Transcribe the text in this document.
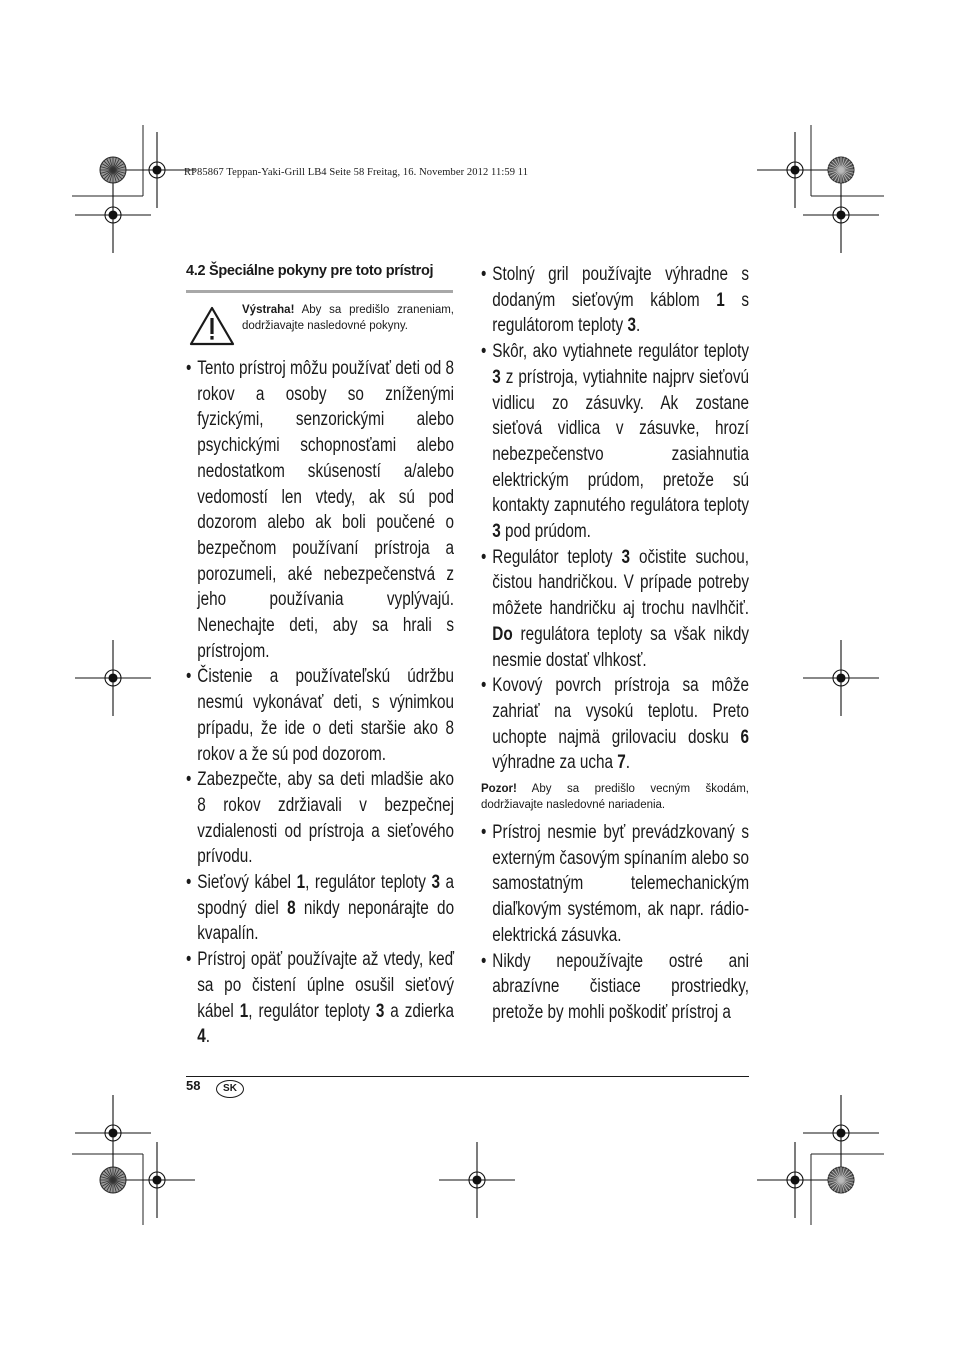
RP85867 Teppan-Yaki-Grill LB4 Seite 58 Freitag, 16. November 2012 11:59 11
4.2 Špeciálne pokyny pre toto prístroj
Výstraha! Aby sa predišlo zraneniam, dodržiavajte nasledovné pokyny.

• Tento prístroj môžu používať deti od 8 rokov a osoby so zníženými fyzickými, senzorickými alebo psychickými schopnosťami alebo nedostatkom skúseností a/alebo vedomostí len vtedy, ak sú pod dozorom alebo ak boli poučené o bezpečnom používaní prístroja a porozumeli, aké nebezpečenstvá z jeho používania vyplývajú. Nenechajte deti, aby sa hrali s prístrojom.

• Čistenie a používateľskú údržbu nesmú vykonávať deti, s výnimkou prípadu, že ide o deti staršie ako 8 rokov a že sú pod dozorom.

• Zabezpečte, aby sa deti mladšie ako 8 rokov zdržiavali v bezpečnej vzdialenosti od prístroja a sieťového prívodu.

• Sieťový kábel 1, regulátor teploty 3 a spodný diel 8 nikdy neponárajte do kvapalín.

• Prístroj opäť používajte až vtedy, keď sa po čistení úplne osušil sieťový kábel 1, regulátor teploty 3 a zdierka 4.

• Stolný gril používajte výhradne s dodaným sieťovým káblom 1 s regulátorom teploty 3.

• Skôr, ako vytiahnete regulátor teploty 3 z prístroja, vytiahnite najprv sieťovú vidlicu zo zásuvky. Ak zostane sieťová vidlica v zásuvke, hrozí nebezpečenstvo zasiahnutia elektrickým prúdom, pretože sú kontakty zapnutého regulátora teploty 3 pod prúdom.

• Regulátor teploty 3 očistite suchou, čistou handričkou. V prípade potreby môžete handričku aj trochu navlhčiť. Do regulátora teploty sa však nikdy nesmie dostať vlhkosť.

• Kovový povrch prístroja sa môže zahriať na vysokú teplotu. Preto uchopte najmä grilovaciu dosku 6 výhradne za ucha 7.

Pozor! Aby sa predišlo vecným škodám, dodržiavajte nasledovné nariadenia.

• Prístroj nesmie byť prevádzkovaný s externým časovým spínaním alebo so samostatným telemechanickým diaľkovým systémom, ak napr. rádio-elektrická zásuvka.

• Nikdy nepoužívajte ostré ani abrazívne čistiace prostriedky, pretože by mohli poškodiť prístroj a

58	SK
